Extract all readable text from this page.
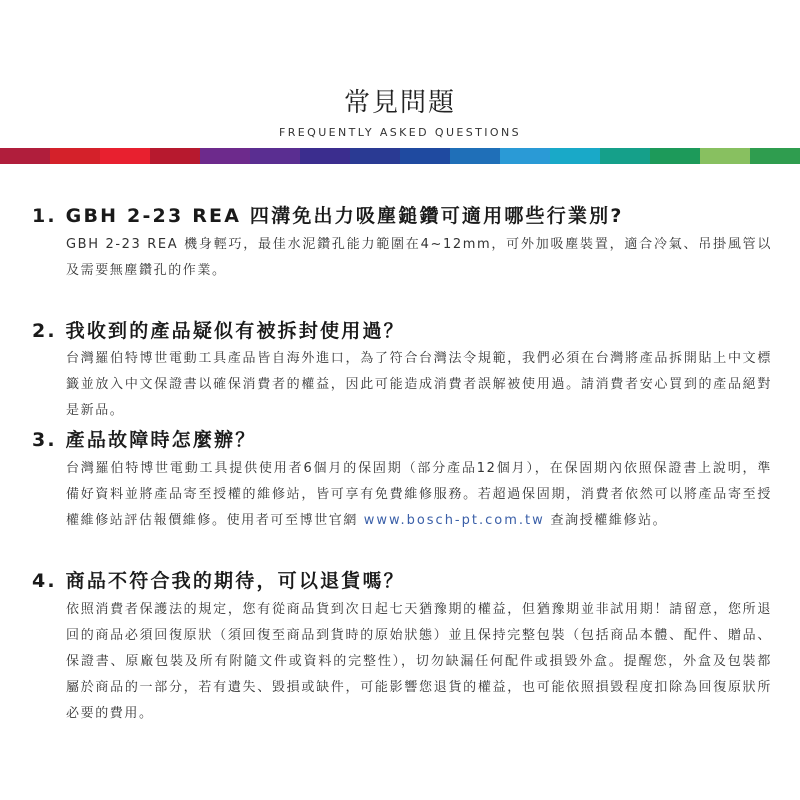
常見問題
FREQUENTLY ASKED QUESTIONS
1. GBH 2-23 REA 四溝免出力吸塵鎚鑽可適用哪些行業別?
GBH 2-23 REA 機身輕巧，最佳水泥鑽孔能力範圍在4~12mm，可外加吸塵裝置，適合冷氣、吊掛風管以及需要無塵鑽孔的作業。
2. 我收到的產品疑似有被拆封使用過？
台灣羅伯特博世電動工具產品皆自海外進口，為了符合台灣法令規範，我們必須在台灣將產品拆開貼上中文標籤並放入中文保證書以確保消費者的權益，因此可能造成消費者誤解被使用過。請消費者安心買到的產品絕對是新品。
3. 產品故障時怎麼辦？
台灣羅伯特博世電動工具提供使用者6個月的保固期（部分產品12個月），在保固期內依照保證書上說明，準備好資料並將產品寄至授權的維修站，皆可享有免費維修服務。若超過保固期，消費者依然可以將產品寄至授權維修站評估報價維修。使用者可至博世官網 www.bosch-pt.com.tw 查詢授權維修站。
4. 商品不符合我的期待，可以退貨嗎？
依照消費者保護法的規定，您有從商品貨到次日起七天猶豫期的權益，但猶豫期並非試用期！請留意，您所退回的商品必須回復原狀（須回復至商品到貨時的原始狀態）並且保持完整包裝（包括商品本體、配件、贈品、保證書、原廠包裝及所有附隨文件或資料的完整性），切勿缺漏任何配件或損毀外盒。提醒您，外盒及包裝都屬於商品的一部分，若有遺失、毀損或缺件，可能影響您退貨的權益，也可能依照損毀程度扣除為回復原狀所必要的費用。
